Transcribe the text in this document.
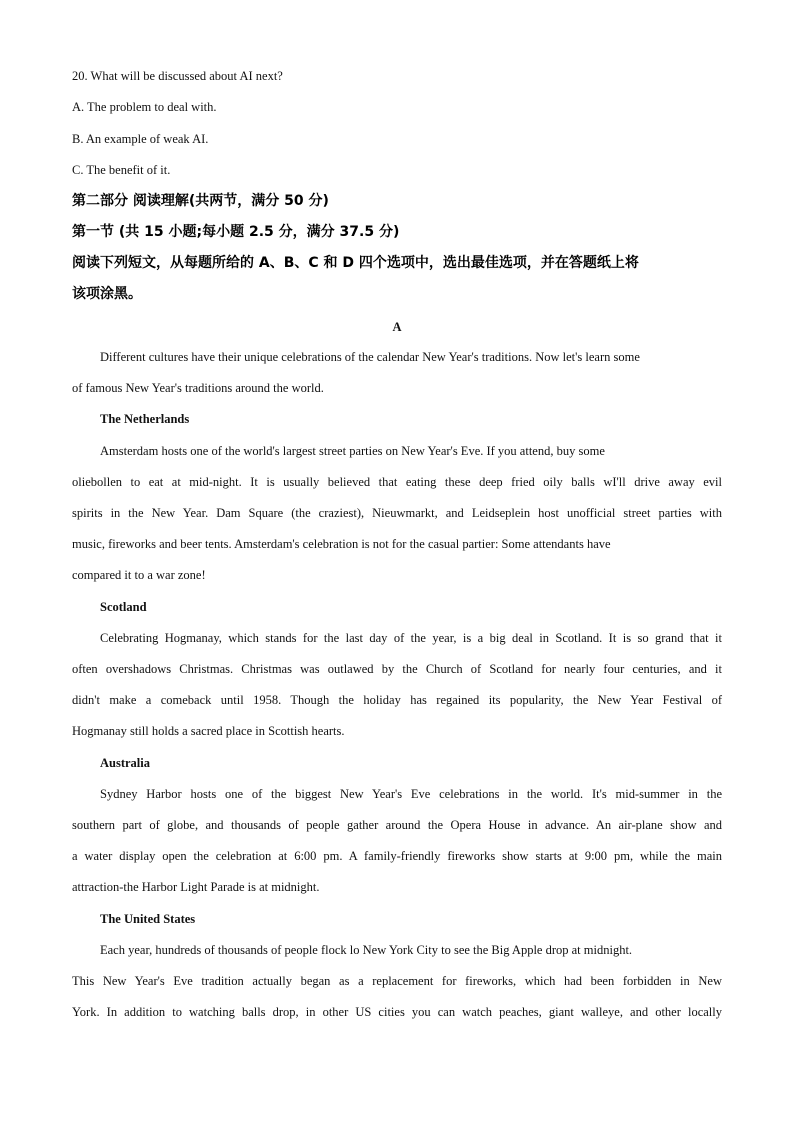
20. What will be discussed about AI next?
A. The problem to deal with.
B. An example of weak AI.
C. The benefit of it.
第二部分 阅读理解(共两节，满分 50 分)
第一节 (共 15 小题;每小题 2.5 分，满分 37.5 分)
阅读下列短文，从每题所给的 A、B、C 和 D 四个选项中，选出最佳选项，并在答题纸上将
该项涂黑。
A
Different cultures have their unique celebrations of the calendar New Year's traditions. Now let's learn some
of famous New Year's traditions around the world.
The Netherlands
Amsterdam hosts one of the world's largest street parties on New Year's Eve. If you attend, buy some
oliebollen to eat at mid-night. It is usually believed that eating these deep fried oily balls wI'll drive away evil
spirits in the New Year. Dam Square (the craziest), Nieuwmarkt, and Leidseplein host unofficial street parties with
music, fireworks and beer tents. Amsterdam's celebration is not for the casual partier: Some attendants have
compared it to a war zone!
Scotland
Celebrating Hogmanay, which stands for the last day of the year, is a big deal in Scotland. It is so grand that it
often overshadows Christmas. Christmas was outlawed by the Church of Scotland for nearly four centuries, and it
didn't make a comeback until 1958. Though the holiday has regained its popularity, the New Year Festival of
Hogmanay still holds a sacred place in Scottish hearts.
Australia
Sydney Harbor hosts one of the biggest New Year's Eve celebrations in the world. It's mid-summer in the
southern part of globe, and thousands of people gather around the Opera House in advance. An air-plane show and
a water display open the celebration at 6:00 pm. A family-friendly fireworks show starts at 9:00 pm, while the main
attraction-the Harbor Light Parade is at midnight.
The United States
Each year, hundreds of thousands of people flock lo New York City to see the Big Apple drop at midnight.
This New Year's Eve tradition actually began as a replacement for fireworks, which had been forbidden in New
York. In addition to watching balls drop, in other US cities you can watch peaches, giant walleye, and other locally
